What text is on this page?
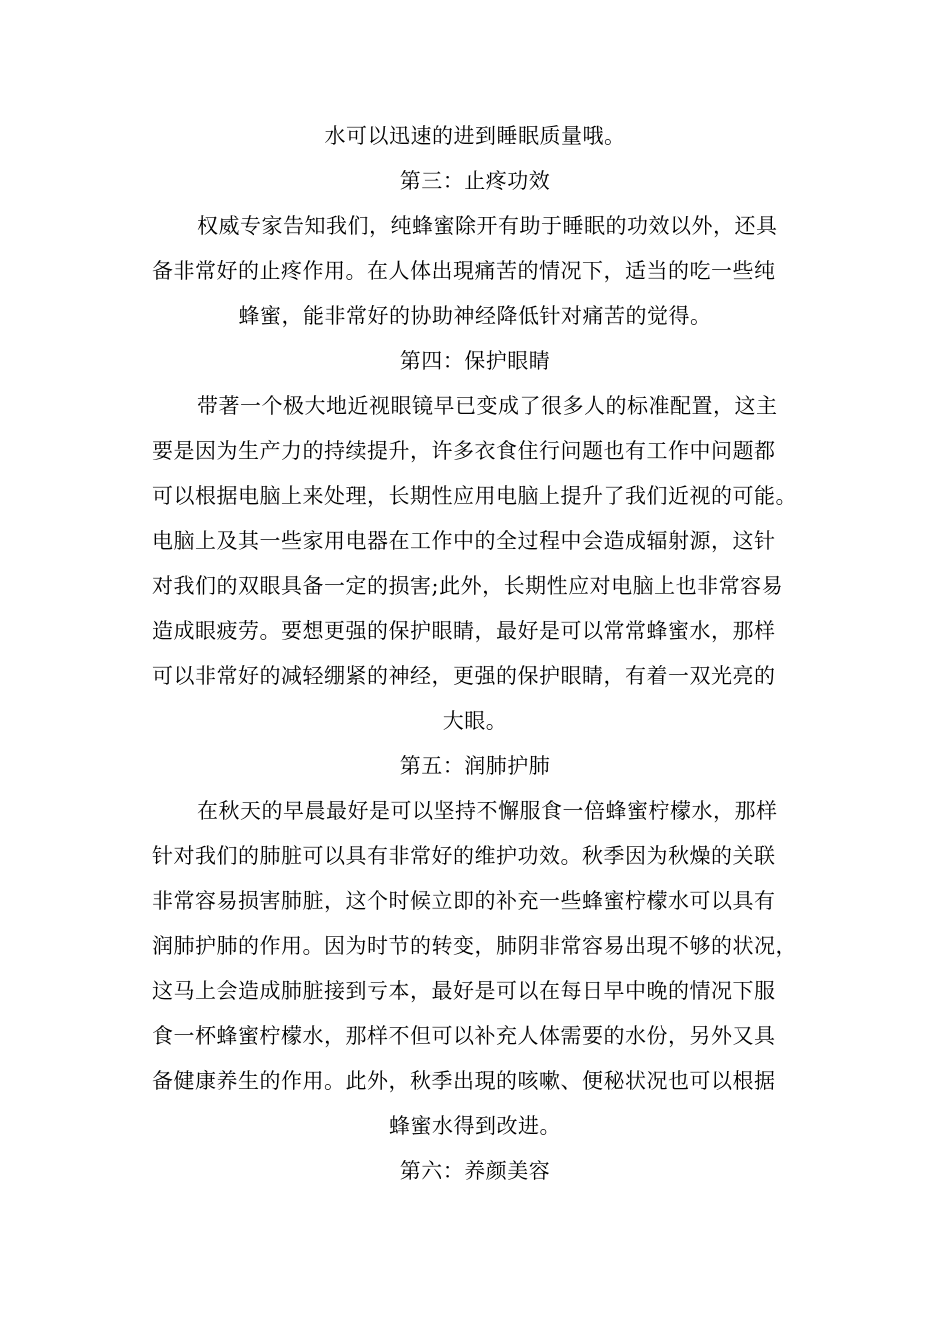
水可以迅速的进到睡眠质量哦。
第三：止疼功效
权威专家告知我们，纯蜂蜜除开有助于睡眠的功效以外，还具
备非常好的止疼作用。在人体出現痛苦的情况下，适当的吃一些纯
蜂蜜，能非常好的协助神经降低针对痛苦的觉得。
第四：保护眼睛
带著一个极大地近视眼镜早已变成了很多人的标准配置，这主
要是因为生产力的持续提升，许多衣食住行问题也有工作中问题都
可以根据电脑上来处理，长期性应用电脑上提升了我们近视的可能。
电脑上及其一些家用电器在工作中的全过程中会造成辐射源，这针
对我们的双眼具备一定的损害;此外，长期性应对电脑上也非常容易
造成眼疲劳。要想更强的保护眼睛，最好是可以常常蜂蜜水，那样
可以非常好的减轻绷紧的神经，更强的保护眼睛，有着一双光亮的
大眼。
第五：润肺护肺
在秋天的早晨最好是可以坚持不懈服食一倍蜂蜜柠檬水，那样
针对我们的肺脏可以具有非常好的维护功效。秋季因为秋燥的关联
非常容易损害肺脏，这个时候立即的补充一些蜂蜜柠檬水可以具有
润肺护肺的作用。因为时节的转变，肺阴非常容易出現不够的状况，
这马上会造成肺脏接到亏本，最好是可以在每日早中晚的情况下服
食一杯蜂蜜柠檬水，那样不但可以补充人体需要的水份，另外又具
备健康养生的作用。此外，秋季出現的咳嗽、便秘状况也可以根据
蜂蜜水得到改进。
第六：养颜美容
